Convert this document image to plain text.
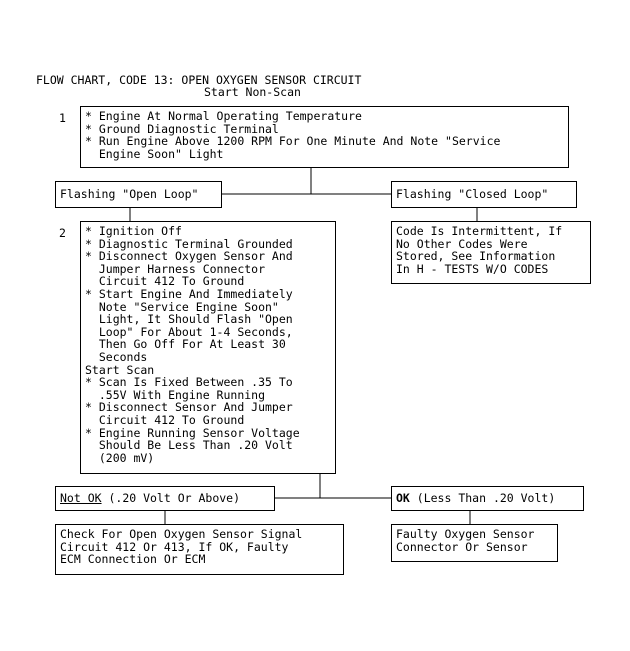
FLOW CHART, CODE 13: OPEN OXYGEN SENSOR CIRCUIT
Start Non-Scan
1 * Engine At Normal Operating Temperature
* Ground Diagnostic Terminal
* Run Engine Above 1200 RPM For One Minute And Note "Service
Engine Soon" Light
Flashing "Open Loop"	Flashing "Closed Loop"
2 * Ignition Off
* Diagnostic Terminal Grounded
* Disconnect Oxygen Sensor And
Jumper Harness Connector
Circuit 412 To Ground
* Start Engine And Immediately
Note "Service Engine Soon"
Light, It Should Flash "Open
Loop" For About 1-4 Seconds,
Then Go Off For At Least 30
Seconds
Start Scan
* Scan Is Fixed Between .35 To
.55V With Engine Running
* Disconnect Sensor And Jumper
Circuit 412 To Ground
* Engine Running Sensor Voltage
Should Be Less Than .20 Volt
(200 mV)
Code Is Intermittent, If
No Other Codes Were
Stored, See Information
In H - TESTS W/O CODES
Not OK (.20 Volt Or Above)	OK (Less Than .20 Volt)
Check For Open Oxygen Sensor Signal
Circuit 412 Or 413, If OK, Faulty
ECM Connection Or ECM
Faulty Oxygen Sensor
Connector Or Sensor
